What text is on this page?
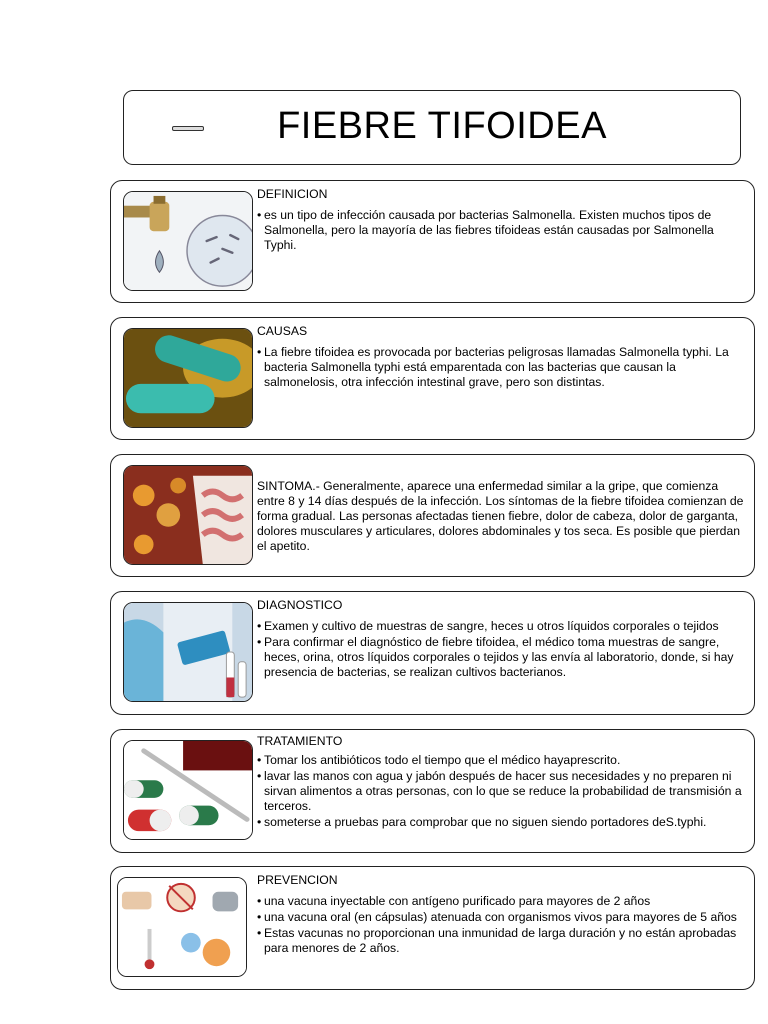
FIEBRE TIFOIDEA
DEFINICION
• es un tipo de infección causada por bacterias Salmonella. Existen muchos tipos de Salmonella, pero la mayoría de las fiebres tifoideas están causadas por Salmonella Typhi.
CAUSAS
• La fiebre tifoidea es provocada por bacterias peligrosas llamadas Salmonella typhi. La bacteria Salmonella typhi está emparentada con las bacterias que causan la salmonelosis, otra infección intestinal grave, pero son distintas.
SINTOMA.- Generalmente, aparece una enfermedad similar a la gripe, que comienza entre 8 y 14 días después de la infección. Los síntomas de la fiebre tifoidea comienzan de forma gradual. Las personas afectadas tienen fiebre, dolor de cabeza, dolor de garganta, dolores musculares y articulares, dolores abdominales y tos seca. Es posible que pierdan el apetito.
DIAGNOSTICO
• Examen y cultivo de muestras de sangre, heces u otros líquidos corporales o tejidos
• Para confirmar el diagnóstico de fiebre tifoidea, el médico toma muestras de sangre, heces, orina, otros líquidos corporales o tejidos y las envía al laboratorio, donde, si hay presencia de bacterias, se realizan cultivos bacterianos.
TRATAMIENTO
• Tomar los antibióticos todo el tiempo que el médico hayaprescrito.
• lavar las manos con agua y jabón después de hacer sus necesidades y no preparen ni sirvan alimentos a otras personas, con lo que se reduce la probabilidad de transmisión a terceros.
• someterse a pruebas para comprobar que no siguen siendo portadores deS.typhi.
PREVENCION
• una vacuna inyectable con antígeno purificado para mayores de 2 años
• una vacuna oral (en cápsulas) atenuada con organismos vivos para mayores de 5 años
• Estas vacunas no proporcionan una inmunidad de larga duración y no están aprobadas para menores de 2 años.
